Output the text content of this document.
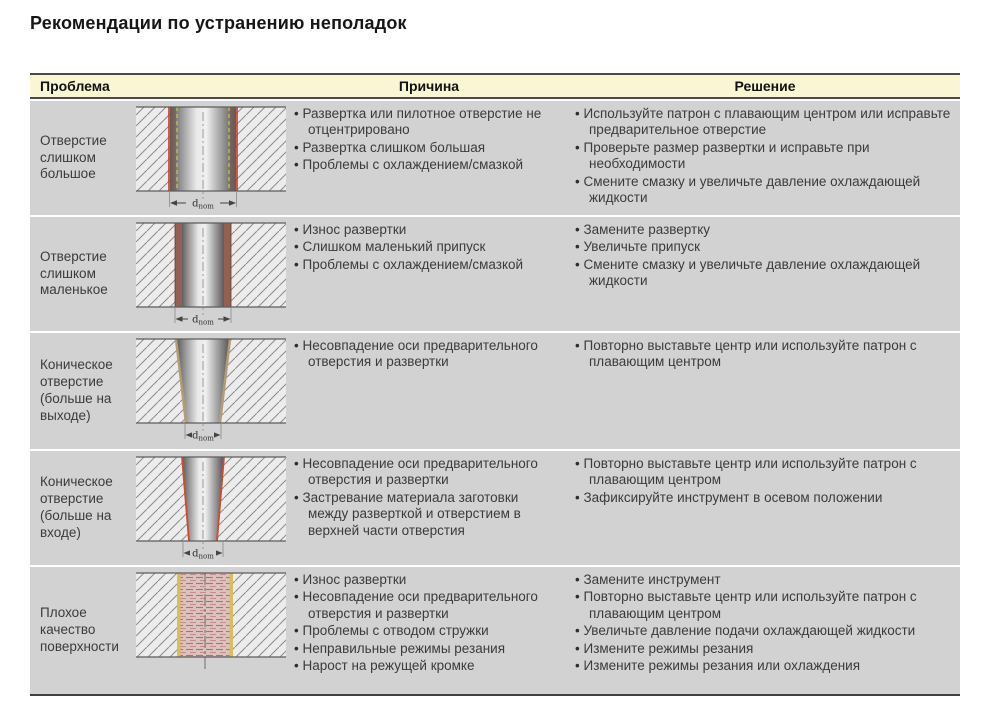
Рекомендации по устранению неполадок
Проблема	Причина	Решение
Отверстие слишком большое
$d_{nom}$
• Развертка или пилотное отверстие не отцентрировано
• Развертка слишком большая
• Проблемы с охлаждением/смазкой
• Используйте патрон с плавающим центром или исправьте предварительное отверстие
• Проверьте размер развертки и исправьте при необходимости
• Смените смазку и увеличьте давление охлаждающей жидкости
Отверстие слишком маленькое
$d_{nom}$
• Износ развертки
• Слишком маленький припуск
• Проблемы с охлаждением/смазкой
• Замените развертку
• Увеличьте припуск
• Смените смазку и увеличьте давление охлаждающей жидкости
Коническое отверстие (больше на выходе)
$d_{nom}$
• Несовпадение оси предварительного отверстия и развертки
• Повторно выставьте центр или используйте патрон с плавающим центром
Коническое отверстие (больше на входе)
$d_{nom}$
• Несовпадение оси предварительного отверстия и развертки
• Застревание материала заготовки между разверткой и отверстием в верхней части отверстия
• Повторно выставьте центр или используйте патрон с плавающим центром
• Зафиксируйте инструмент в осевом положении
Плохое качество поверхности
• Износ развертки
• Несовпадение оси предварительного отверстия и развертки
• Проблемы с отводом стружки
• Неправильные режимы резания
• Нарост на режущей кромке
• Замените инструмент
• Повторно выставьте центр или используйте патрон с плавающим центром
• Увеличьте давление подачи охлаждающей жидкости
• Измените режимы резания
• Измените режимы резания или охлаждения
